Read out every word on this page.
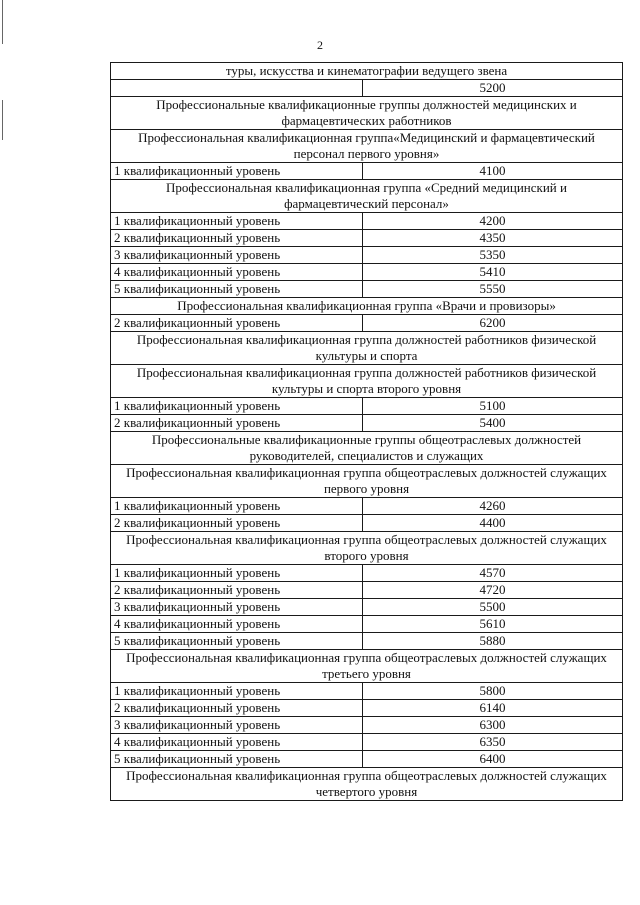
2
туры, искусства и кинематографии ведущего звена	
	5200
Профессиональные квалификационные группы должностей медицинских и фармацевтических работников	
Профессиональная квалификационная группа«Медицинский и фармацевтический персонал первого уровня»	
1 квалификационный уровень	4100
Профессиональная квалификационная группа «Средний медицинский и фармацевтический персонал»	
1 квалификационный уровень	4200
2 квалификационный уровень	4350
3 квалификационный уровень	5350
4 квалификационный уровень	5410
5 квалификационный уровень	5550
Профессиональная квалификационная группа «Врачи и провизоры»	
2 квалификационный уровень	6200
Профессиональная квалификационная группа должностей работников физической культуры и спорта	
Профессиональная квалификационная группа должностей работников физической культуры и спорта второго уровня	
1 квалификационный уровень	5100
2 квалификационный уровень	5400
Профессиональные квалификационные группы общеотраслевых должностей руководителей, специалистов и служащих	
Профессиональная квалификационная группа общеотраслевых должностей служащих первого уровня	
1 квалификационный уровень	4260
2 квалификационный уровень	4400
Профессиональная квалификационная группа общеотраслевых должностей служащих второго уровня	
1 квалификационный уровень	4570
2 квалификационный уровень	4720
3 квалификационный уровень	5500
4 квалификационный уровень	5610
5 квалификационный уровень	5880
Профессиональная квалификационная группа общеотраслевых должностей служащих третьего уровня	
1 квалификационный уровень	5800
2 квалификационный уровень	6140
3 квалификационный уровень	6300
4 квалификационный уровень	6350
5 квалификационный уровень	6400
Профессиональная квалификационная группа общеотраслевых должностей служащих четвертого уровня	
